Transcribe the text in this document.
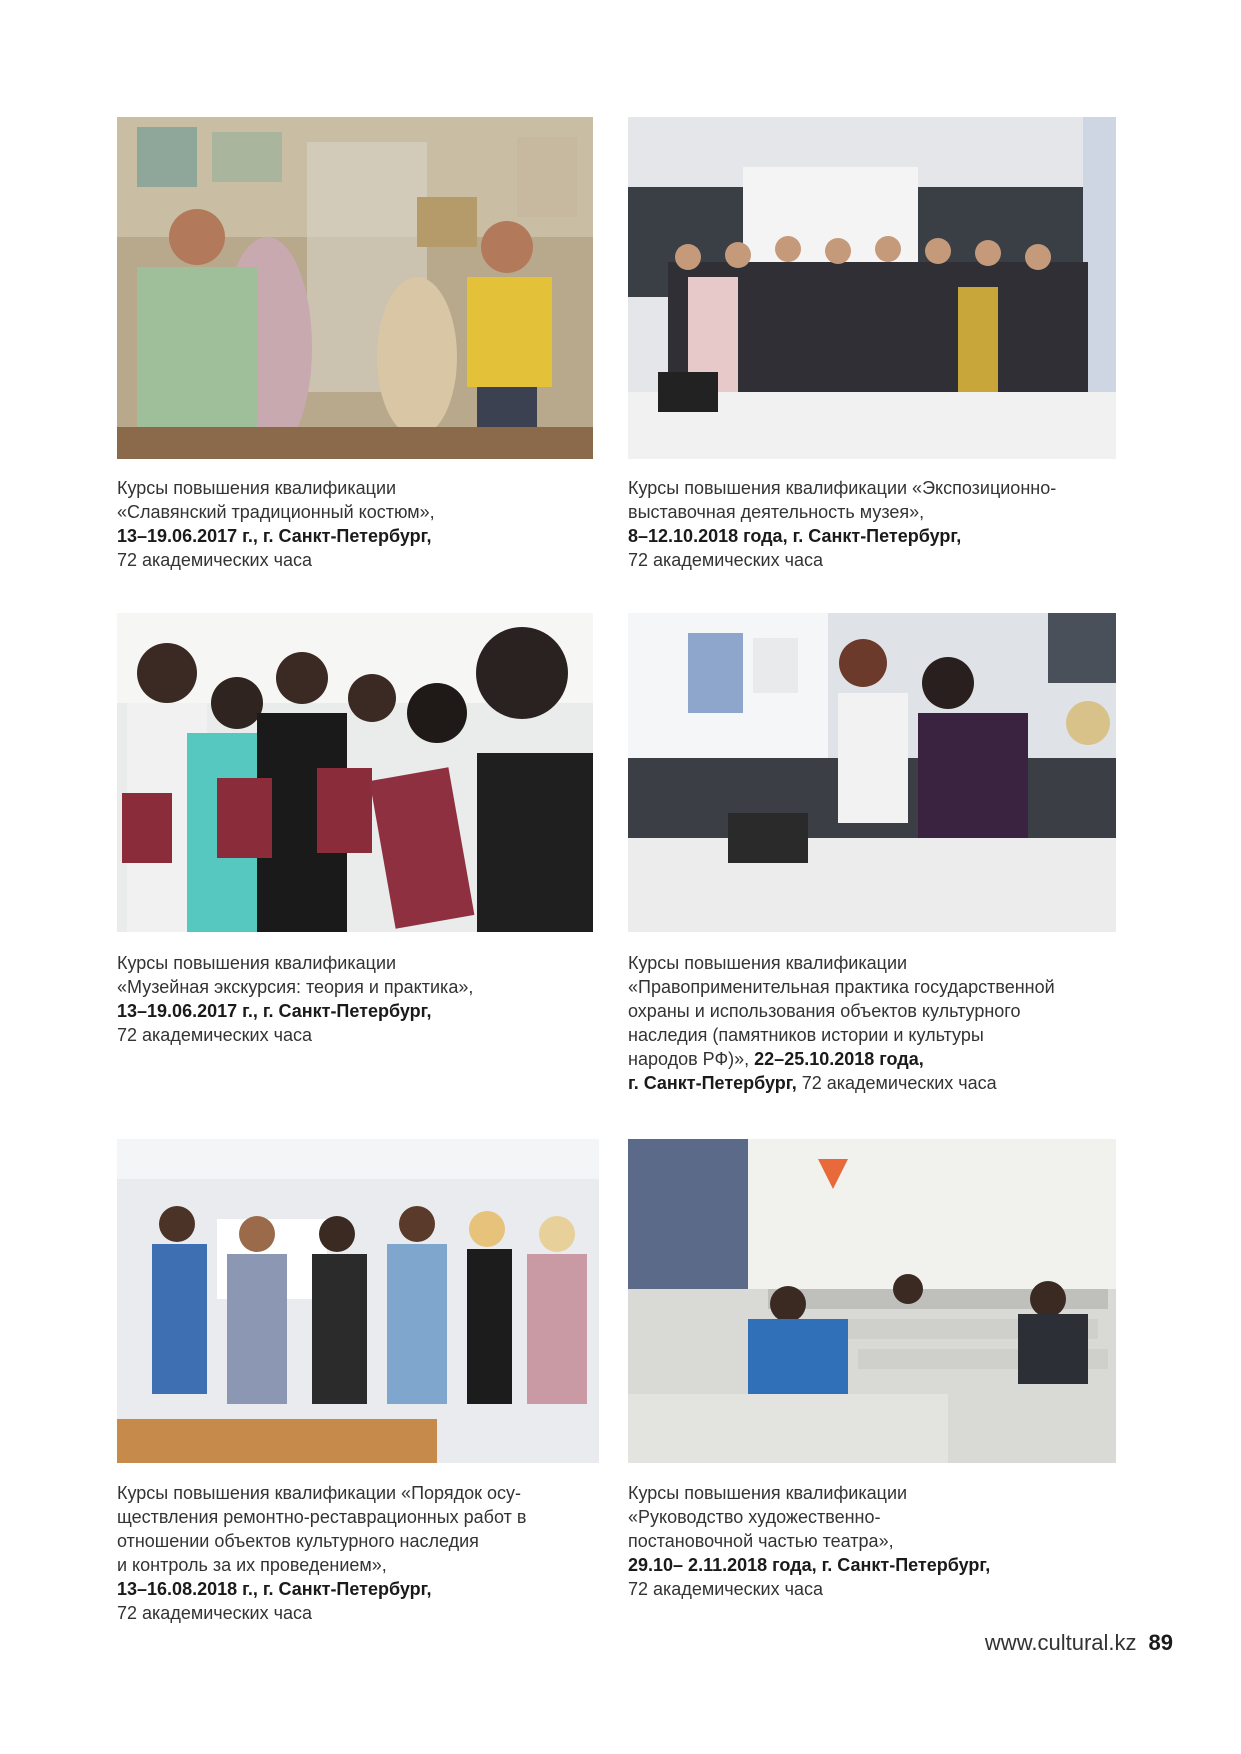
Курсы повышения квалификации
«Славянский традиционный костюм»,
13–19.06.2017 г., г. Санкт-Петербург,
72 академических часа
Курсы повышения квалификации «Экспозиционно-
выставочная деятельность музея»,
8–12.10.2018 года, г. Санкт-Петербург,
72 академических часа
Курсы повышения квалификации
«Музейная экскурсия: теория и практика»,
13–19.06.2017 г., г. Санкт-Петербург,
72 академических часа
Курсы повышения квалификации
«Правоприменительная практика государственной
охраны и использования объектов культурного
наследия (памятников истории и культуры
народов РФ)», 22–25.10.2018 года,
г. Санкт-Петербург, 72 академических часа
Курсы повышения квалификации «Порядок осу-
ществления ремонтно-реставрационных работ в
отношении объектов культурного наследия
и контроль за их проведением»,
13–16.08.2018 г., г. Санкт-Петербург,
72 академических часа
Курсы повышения квалификации
«Руководство художественно-
постановочной частью театра»,
29.10– 2.11.2018 года, г. Санкт-Петербург,
72 академических часа
www.cultural.kz 89
